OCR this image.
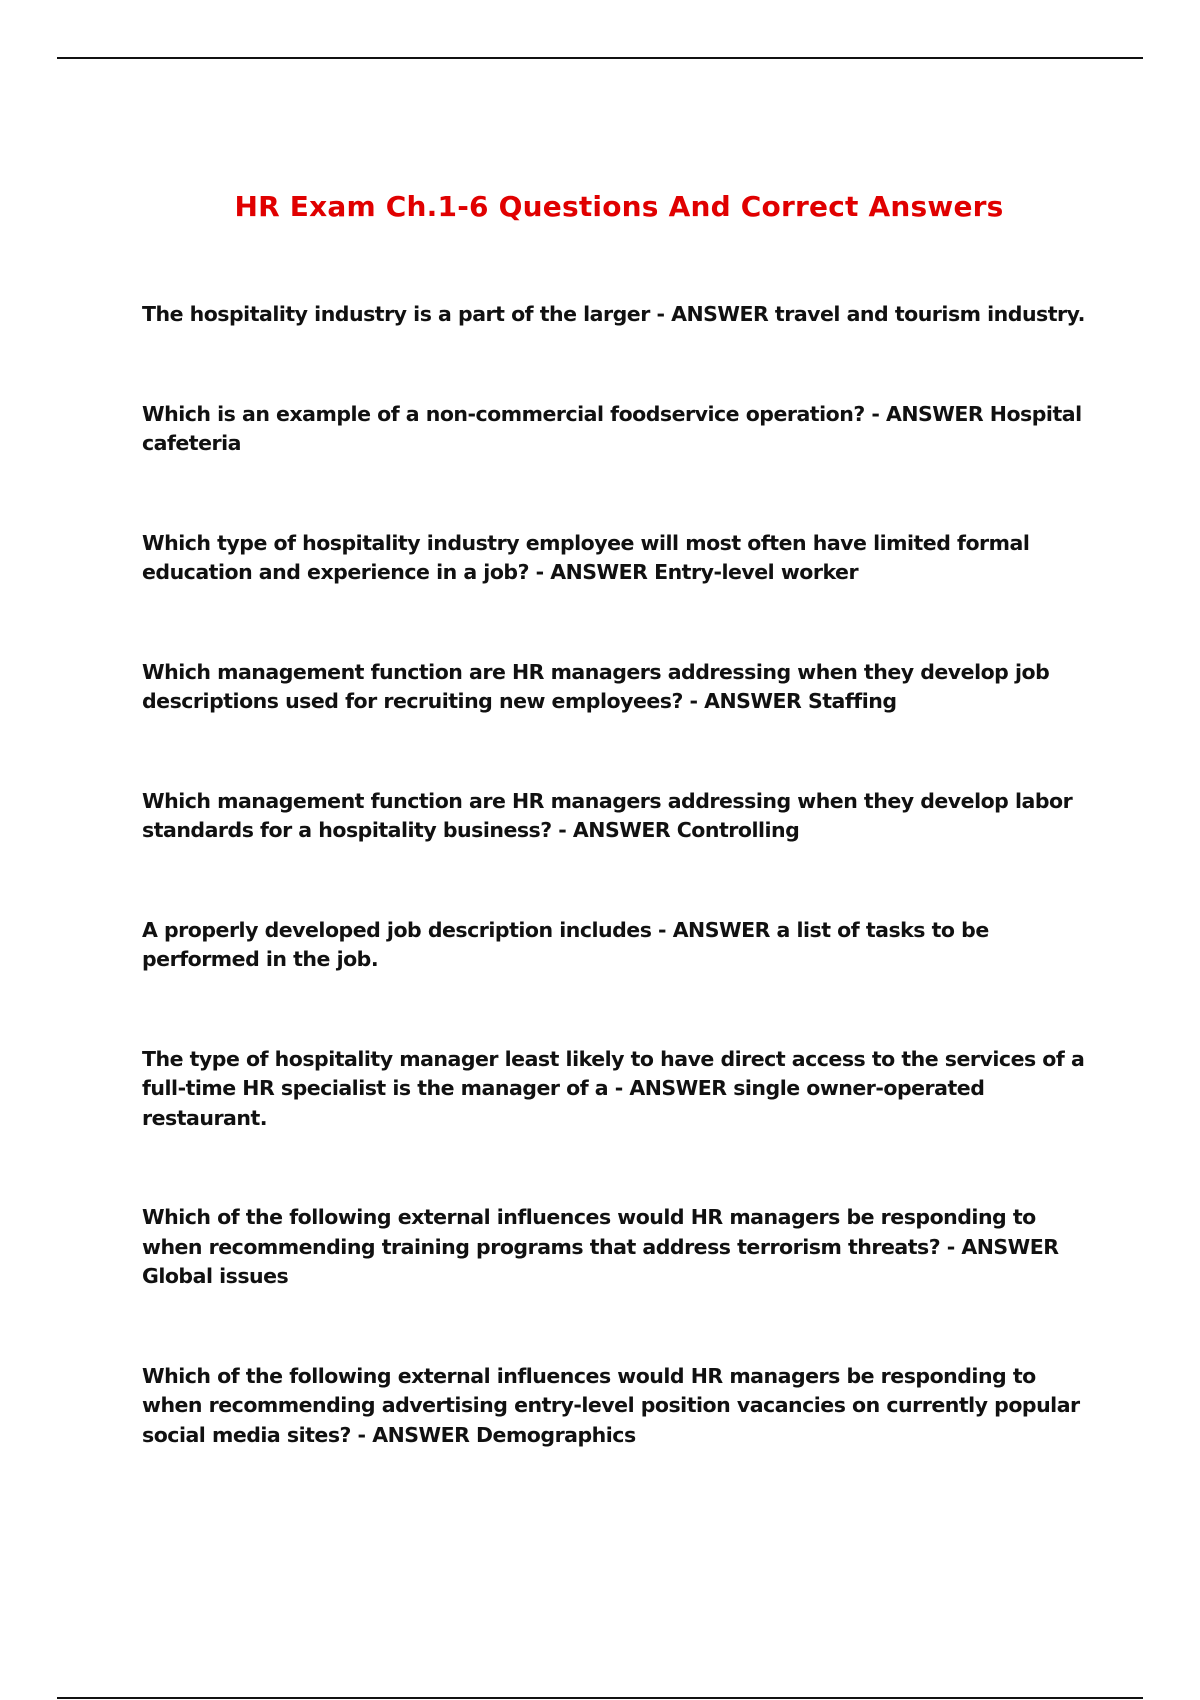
HR Exam Ch.1-6 Questions And Correct Answers
The hospitality industry is a part of the larger - ANSWER travel and tourism industry.
Which is an example of a non-commercial foodservice operation? - ANSWER Hospital cafeteria
Which type of hospitality industry employee will most often have limited formal education and experience in a job? - ANSWER Entry-level worker
Which management function are HR managers addressing when they develop job descriptions used for recruiting new employees? - ANSWER Staffing
Which management function are HR managers addressing when they develop labor standards for a hospitality business? - ANSWER Controlling
A properly developed job description includes - ANSWER a list of tasks to be performed in the job.
The type of hospitality manager least likely to have direct access to the services of a full-time HR specialist is the manager of a - ANSWER single owner-operated restaurant.
Which of the following external influences would HR managers be responding to when recommending training programs that address terrorism threats? - ANSWER Global issues
Which of the following external influences would HR managers be responding to when recommending advertising entry-level position vacancies on currently popular social media sites? - ANSWER Demographics
